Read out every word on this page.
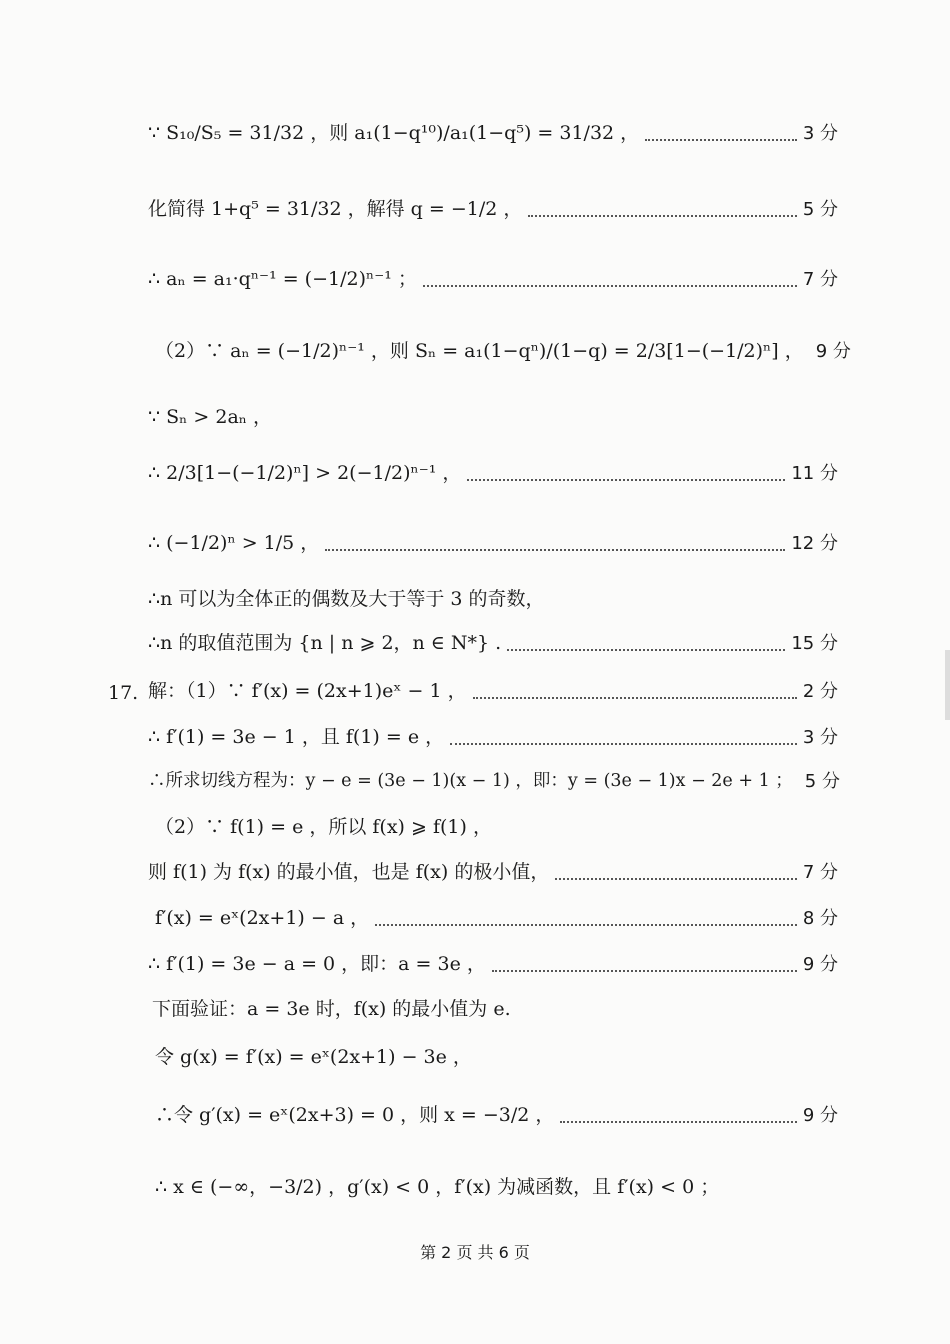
∵ S₁₀/S₅ = 31/32 ，则 a₁(1−q¹⁰)/a₁(1−q⁵) = 31/32 ，	3 分
化简得 1+q⁵ = 31/32 ，解得 q = −1/2 ，	5 分
∴ aₙ = a₁·qⁿ⁻¹ = (−1/2)ⁿ⁻¹ ；	7 分
（2）∵ aₙ = (−1/2)ⁿ⁻¹ ，则 Sₙ = a₁(1−qⁿ)/(1−q) = 2/3[1−(−1/2)ⁿ] ， 9 分
∵ Sₙ > 2aₙ ，
∴ 2/3[1−(−1/2)ⁿ] > 2(−1/2)ⁿ⁻¹ ，	11 分
∴ (−1/2)ⁿ > 1/5 ，	12 分
∴n 可以为全体正的偶数及大于等于 3 的奇数，
∴n 的取值范围为 {n | n ⩾ 2，n ∈ N*} .	15 分
17. 解：（1）∵ f′(x) = (2x+1)eˣ − 1 ，	2 分
∴ f′(1) = 3e − 1 ，且 f(1) = e ，	3 分
∴所求切线方程为：y − e = (3e − 1)(x − 1) ，即：y = (3e − 1)x − 2e + 1 ； 5 分
（2）∵ f(1) = e ，所以 f(x) ⩾ f(1) ，
则 f(1) 为 f(x) 的最小值，也是 f(x) 的极小值，	7 分
f′(x) = eˣ(2x+1) − a ，	8 分
∴ f′(1) = 3e − a = 0 ，即：a = 3e ，	9 分
下面验证：a = 3e 时，f(x) 的最小值为 e.
令 g(x) = f′(x) = eˣ(2x+1) − 3e ，
∴令 g′(x) = eˣ(2x+3) = 0 ，则 x = −3/2 ，	9 分
∴ x ∈ (−∞，−3/2) ，g′(x) < 0 ，f′(x) 为减函数，且 f′(x) < 0 ；
第 2 页 共 6 页
